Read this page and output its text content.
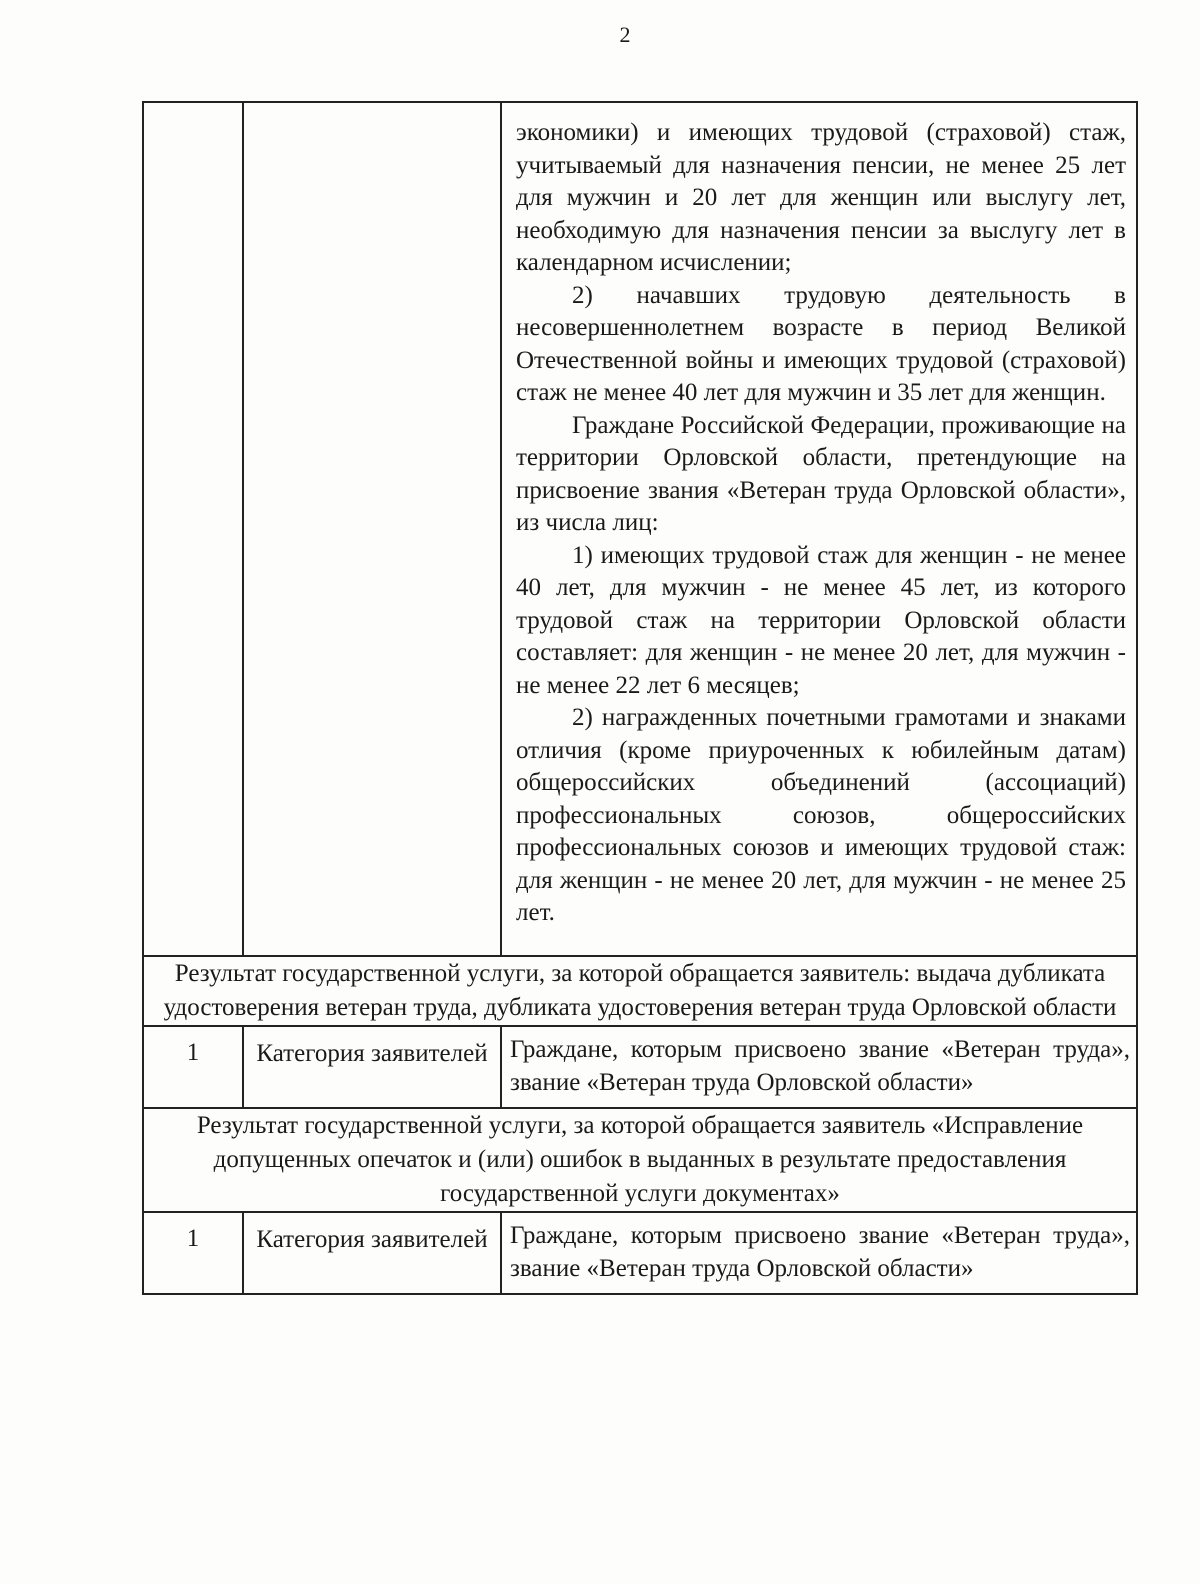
2

		экономики) и имеющих трудовой (страховой) стаж, учитываемый для назначения пенсии, не менее 25 лет для мужчин и 20 лет для женщин или выслугу лет, необходимую для назначения пенсии за выслугу лет в календарном исчислении;

2) начавших трудовую деятельность в несовершеннолетнем возрасте в период Великой Отечественной войны и имеющих трудовой (страховой) стаж не менее 40 лет для мужчин и 35 лет для женщин.

Граждане Российской Федерации, проживающие на территории Орловской области, претендующие на присвоение звания «Ветеран труда Орловской области», из числа лиц:

1) имеющих трудовой стаж для женщин - не менее 40 лет, для мужчин - не менее 45 лет, из которого трудовой стаж на территории Орловской области составляет: для женщин - не менее 20 лет, для мужчин - не менее 22 лет 6 месяцев;

2) награжденных почетными грамотами и знаками отличия (кроме приуроченных к юбилейным датам) общероссийских объединений (ассоциаций) профессиональных союзов, общероссийских профессиональных союзов и имеющих трудовой стаж: для женщин - не менее 20 лет, для мужчин - не менее 25 лет.

Результат государственной услуги, за которой обращается заявитель: выдача дубликата удостоверения ветеран труда, дубликата удостоверения ветеран труда Орловской области		
1	Категория заявителей	Граждане, которым присвоено звание «Ветеран труда», звание «Ветеран труда Орловской области»
Результат государственной услуги, за которой обращается заявитель «Исправление допущенных опечаток и (или) ошибок в выданных в результате предоставления государственной услуги документах»		
1	Категория заявителей	Граждане, которым присвоено звание «Ветеран труда», звание «Ветеран труда Орловской области»
